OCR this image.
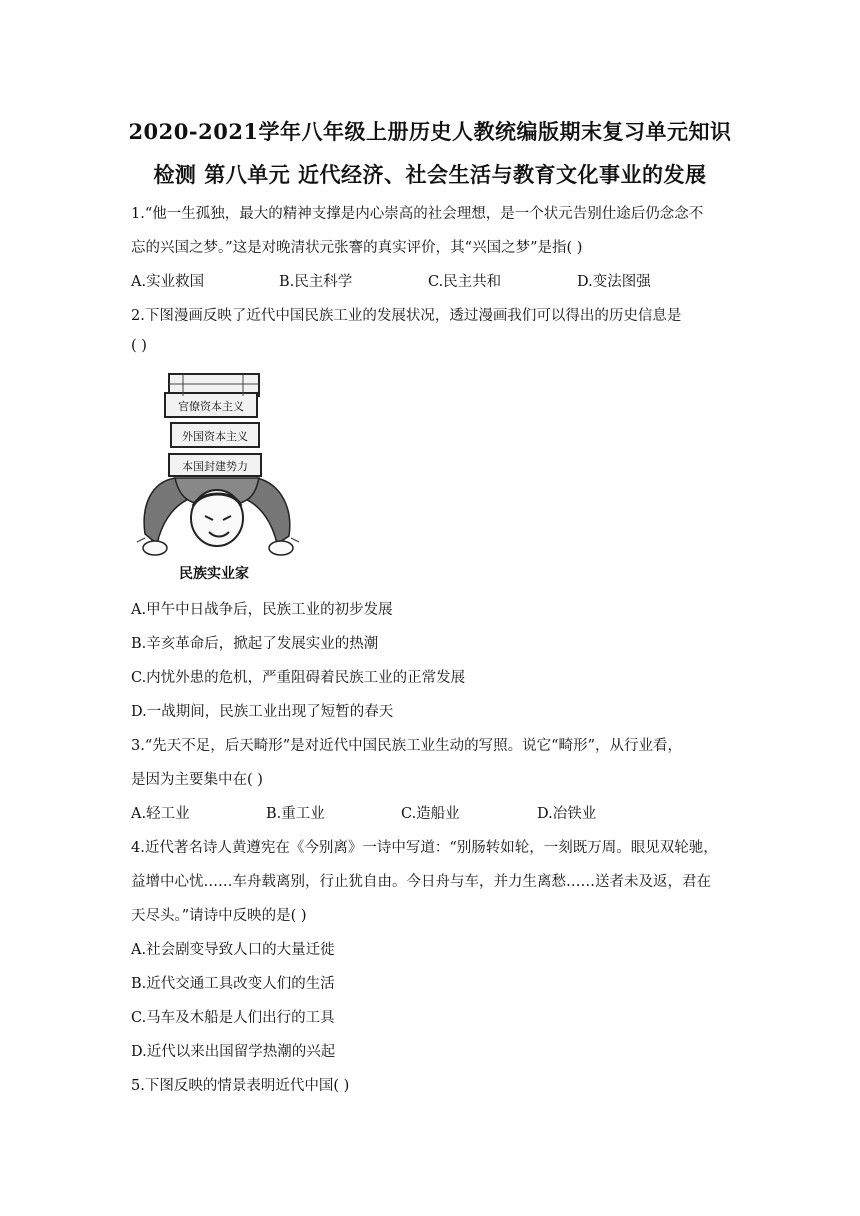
2020-2021学年八年级上册历史人教统编版期末复习单元知识
检测 第八单元 近代经济、社会生活与教育文化事业的发展
1.“他一生孤独，最大的精神支撑是内心崇高的社会理想，是一个状元告别仕途后仍念念不
忘的兴国之梦。”这是对晚清状元张謇的真实评价，其“兴国之梦”是指( )
A.实业救国	B.民主科学	C.民主共和	D.变法图强
2.下图漫画反映了近代中国民族工业的发展状况，透过漫画我们可以得出的历史信息是
( )
官僚资本主义
外国资本主义
本国封建势力
民族实业家
A.甲午中日战争后，民族工业的初步发展
B.辛亥革命后，掀起了发展实业的热潮
C.内忧外患的危机，严重阻碍着民族工业的正常发展
D.一战期间，民族工业出现了短暂的春天
3.“先天不足，后天畸形”是对近代中国民族工业生动的写照。说它“畸形”，从行业看，
是因为主要集中在( )
A.轻工业	B.重工业	C.造船业	D.冶铁业
4.近代著名诗人黄遵宪在《今别离》一诗中写道：“别肠转如轮，一刻既万周。眼见双轮驰，
益增中心忧……车舟载离别，行止犹自由。今日舟与车，并力生离愁……送者未及返，君在
天尽头。”请诗中反映的是( )
A.社会剧变导致人口的大量迁徙
B.近代交通工具改变人们的生活
C.马车及木船是人们出行的工具
D.近代以来出国留学热潮的兴起
5.下图反映的情景表明近代中国( )
